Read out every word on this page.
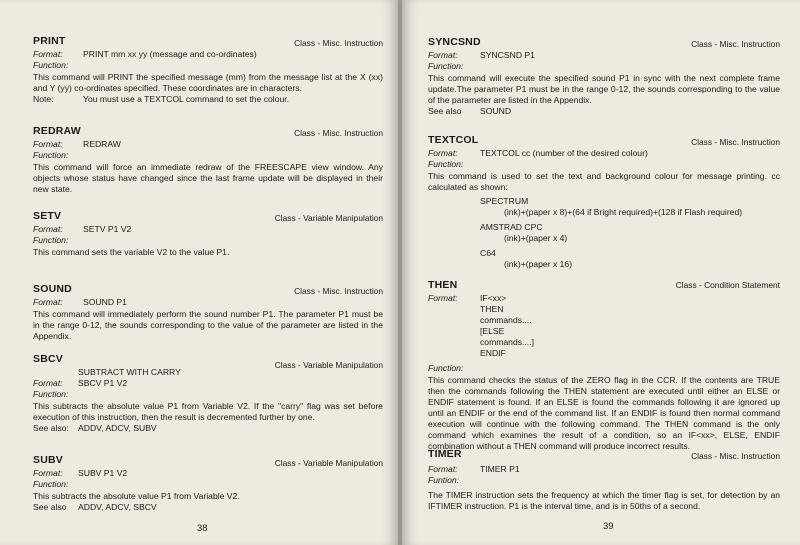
PRINT	Class - Misc. Instruction
Format: PRINT mm xx yy (message and co-ordinates)
Function:
This command will PRINT the specified message (mm) from the message list at the X (xx) and Y (yy) co-ordinates specified. These coordinates are in characters.
Note:	You must use a TEXTCOL command to set the colour.
REDRAW	Class - Misc. Instruction
Format: REDRAW
Function:
This command will force an immediate redraw of the FREESCAPE view window. Any objects whose status have changed since the last frame update will be displayed in their new state.
SETV	Class - Variable Manipulation
Format: SETV P1 V2
Function:
This command sets the variable V2 to the value P1.
SOUND	Class - Misc. Instruction
Format: SOUND P1
This command will immediately perform the sound number P1. The parameter P1 must be in the range 0-12, the sounds corresponding to the value of the parameter are listed in the Appendix.
SBCV	Class - Variable Manipulation
SUBTRACT WITH CARRY
Format: SBCV P1 V2
Function:
This subtracts the absolute value P1 from Variable V2. If the "carry" flag was set before execution of this instruction, then the result is decremented further by one.
See also: ADDV, ADCV, SUBV
SUBV	Class - Variable Manipulation
Format: SUBV P1 V2
Function:
This subtracts the absolute value P1 from Variable V2.
See also ADDV, ADCV, SBCV
38
SYNCSND	Class - Misc. Instruction
Format:	SYNCSND P1
Function:
This command will execute the specified sound P1 in sync with the next complete frame update.The parameter P1 must be in the range 0-12, the sounds corresponding to the value of the parameter are listed in the Appendix.
See also SOUND
TEXTCOL	Class - Misc. Instruction
Format:	TEXTCOL cc (number of the desired colour)
Function:
This command is used to set the text and background colour for message printing. cc calculated as shown:
SPECTRUM
(ink)+(paper x 8)+(64 if Bright required)+(128 if Flash required)
AMSTRAD CPC
(ink)+(paper x 4)
C64
(ink)+(paper x 16)
THEN	Class - Condition Statement
Format:	IF<xx>
THEN
commands....
[ELSE
commands....]
ENDIF
Function:
This command checks the status of the ZERO flag in the CCR. If the contents are TRUE then the commands following the THEN statement are executed until either an ELSE or ENDIF statement is found. If an ELSE is found the commands following it are ignored up until an ENDIF or the end of the command list. If an ENDIF is found then normal command execution will continue with the following command. The THEN command is the only command which examines the result of a condition, so an IF<xx>, ELSE, ENDIF combination without a THEN command will produce incorrect results.
TIMER	Class - Misc. Instruction
Format:	TIMER P1
Funtion:
The TIMER instruction sets the frequency at which the timer flag is set, for detection by an IFTIMER instruction. P1 is the interval time, and is in 50ths of a second.
39
